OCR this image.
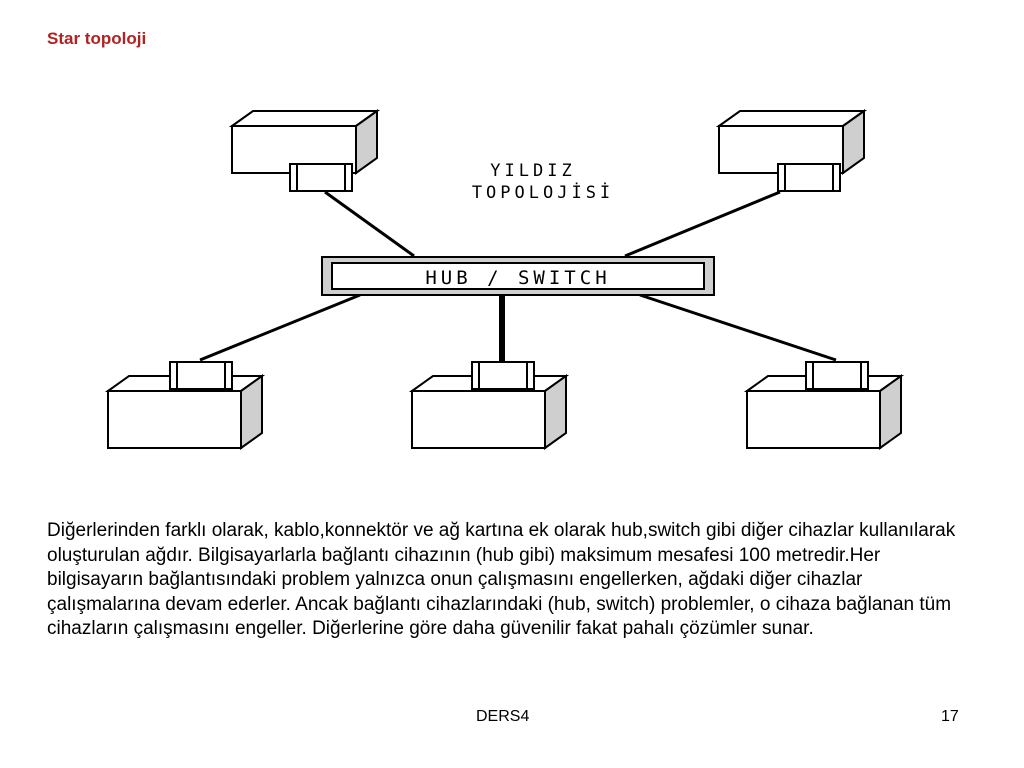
Star topoloji
HUB / SWITCH
YILDIZ
TOPOLOJİSİ

Diğerlerinden farklı olarak, kablo,konnektör ve ağ kartına ek olarak hub,switch gibi diğer cihazlar kullanılarak oluşturulan ağdır. Bilgisayarlarla bağlantı cihazının (hub gibi) maksimum mesafesi 100 metredir.Her bilgisayarın bağlantısındaki problem yalnızca onun çalışmasını engellerken, ağdaki diğer cihazlar çalışmalarına devam ederler. Ancak bağlantı cihazlarındaki (hub, switch) problemler, o cihaza bağlanan tüm cihazların çalışmasını engeller. Diğerlerine göre daha güvenilir fakat pahalı çözümler sunar.

DERS4	17
